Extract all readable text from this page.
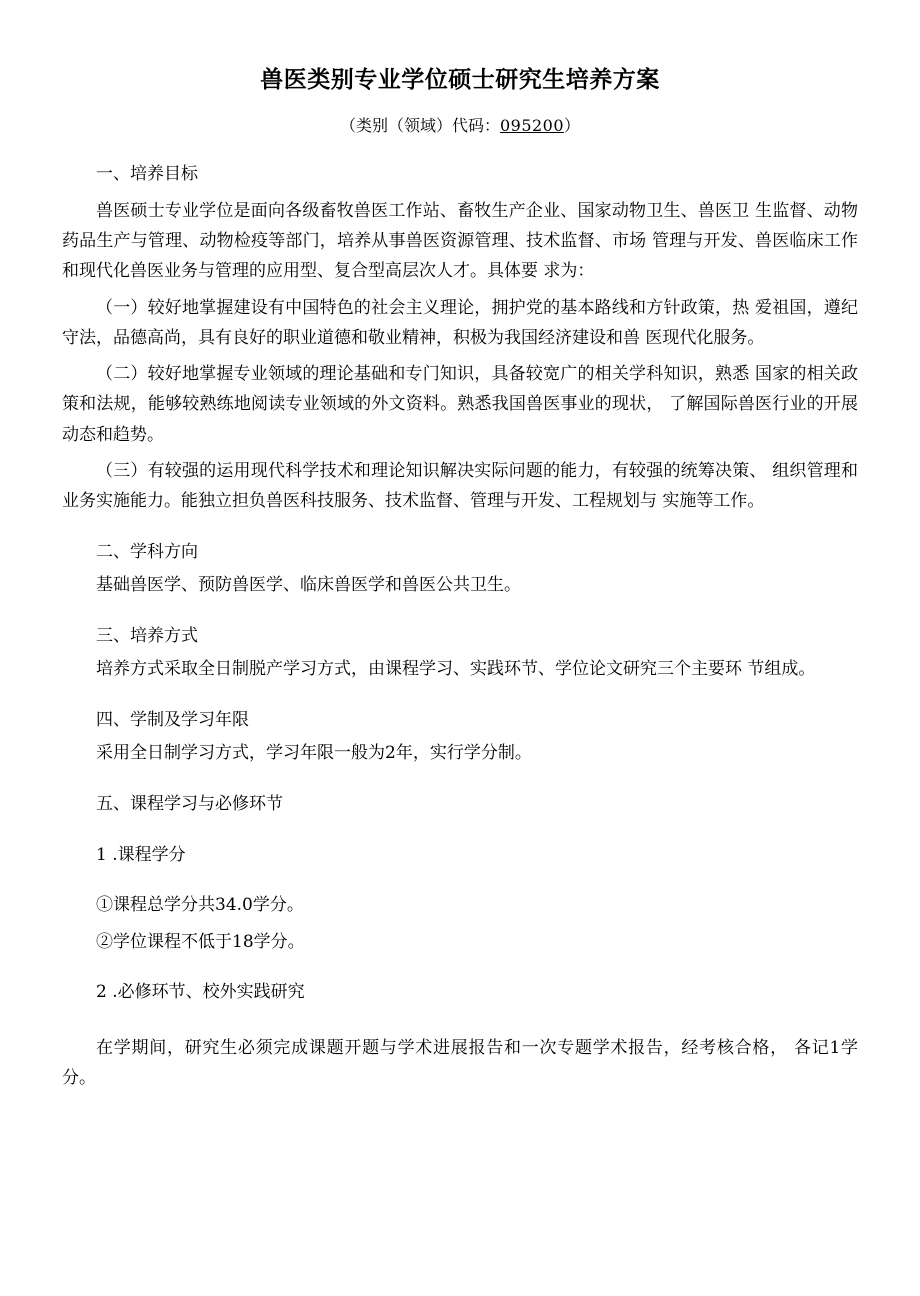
兽医类别专业学位硕士研究生培养方案
（类别（领域）代码：095200）
一、培养目标

兽医硕士专业学位是面向各级畜牧兽医工作站、畜牧生产企业、国家动物卫生、兽医卫 生监督、动物药品生产与管理、动物检疫等部门，培养从事兽医资源管理、技术监督、市场 管理与开发、兽医临床工作和现代化兽医业务与管理的应用型、复合型高层次人才。具体要 求为：

（一）较好地掌握建设有中国特色的社会主义理论，拥护党的基本路线和方针政策，热 爱祖国，遵纪守法，品德高尚，具有良好的职业道德和敬业精神，积极为我国经济建设和兽 医现代化服务。

（二）较好地掌握专业领域的理论基础和专门知识，具备较宽广的相关学科知识，熟悉 国家的相关政策和法规，能够较熟练地阅读专业领域的外文资料。熟悉我国兽医事业的现状， 了解国际兽医行业的开展动态和趋势。

（三）有较强的运用现代科学技术和理论知识解决实际问题的能力，有较强的统筹决策、 组织管理和业务实施能力。能独立担负兽医科技服务、技术监督、管理与开发、工程规划与 实施等工作。

二、学科方向

基础兽医学、预防兽医学、临床兽医学和兽医公共卫生。

三、培养方式

培养方式采取全日制脱产学习方式，由课程学习、实践环节、学位论文研究三个主要环 节组成。

四、学制及学习年限

采用全日制学习方式，学习年限一般为2年，实行学分制。

五、课程学习与必修环节

1 .课程学分

①课程总学分共34.0学分。

②学位课程不低于18学分。

2 .必修环节、校外实践研究

在学期间，研究生必须完成课题开题与学术进展报告和一次专题学术报告，经考核合格， 各记1学分。
